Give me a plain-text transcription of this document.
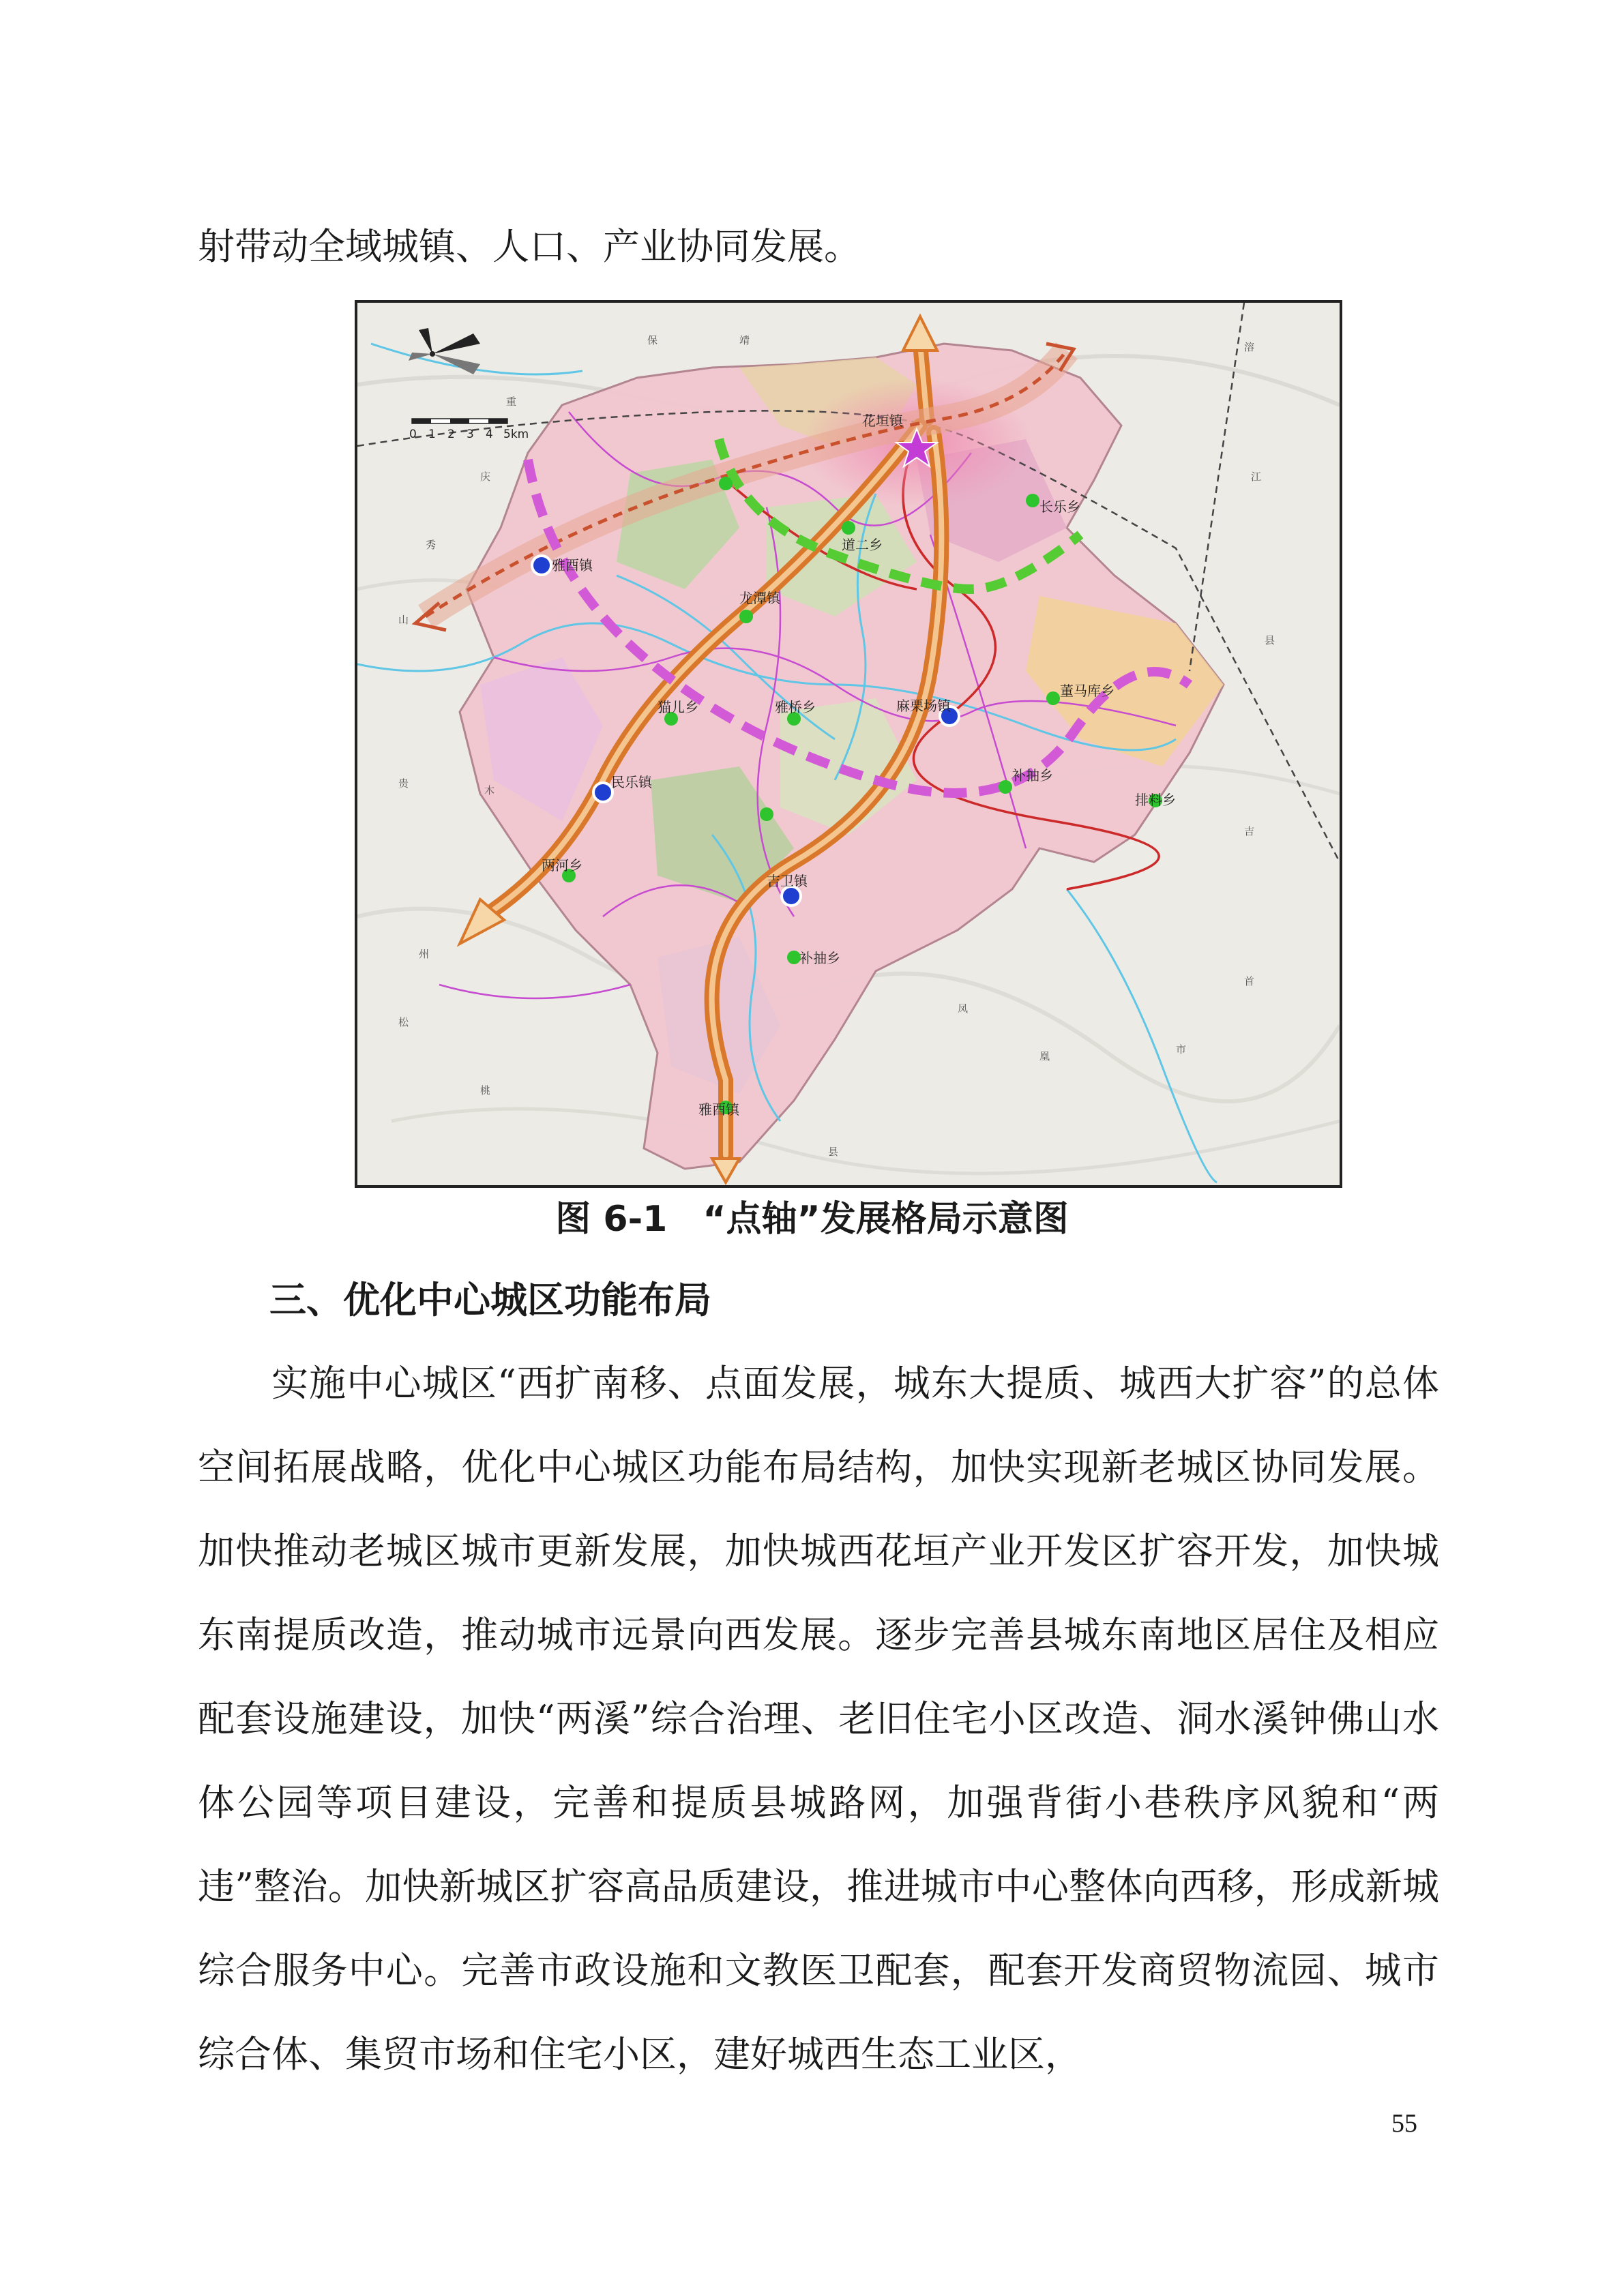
射带动全域城镇、人口、产业协同发展。

花垣镇
长乐乡
道二乡
龙潭镇
雅酉镇
猫儿乡	雅桥乡	麻栗场镇
董马库乡
民乐镇	补抽乡
排料乡
吉卫镇
两河乡
补抽乡
雅酉镇
保	靖
重
庆
秀
山
贵
州
松
桃
凤
凰
县
吉
首
市
县
溶
江
木
0 1 2 3 4 5km
图 6-1　“点轴”发展格局示意图
三、优化中心城区功能布局

实施中心城区“西扩南移、点面发展，城东大提质、城西大扩容”的总体空间拓展战略，优化中心城区功能布局结构，加快实现新老城区协同发展。加快推动老城区城市更新发展，加快城西花垣产业开发区扩容开发，加快城东南提质改造，推动城市远景向西发展。逐步完善县城东南地区居住及相应配套设施建设，加快“两溪”综合治理、老旧住宅小区改造、洞水溪钟佛山水体公园等项目建设，完善和提质县城路网，加强背街小巷秩序风貌和“两违”整治。加快新城区扩容高品质建设，推进城市中心整体向西移，形成新城综合服务中心。完善市政设施和文教医卫配套，配套开发商贸物流园、城市综合体、集贸市场和住宅小区，建好城西生态工业区，

55
